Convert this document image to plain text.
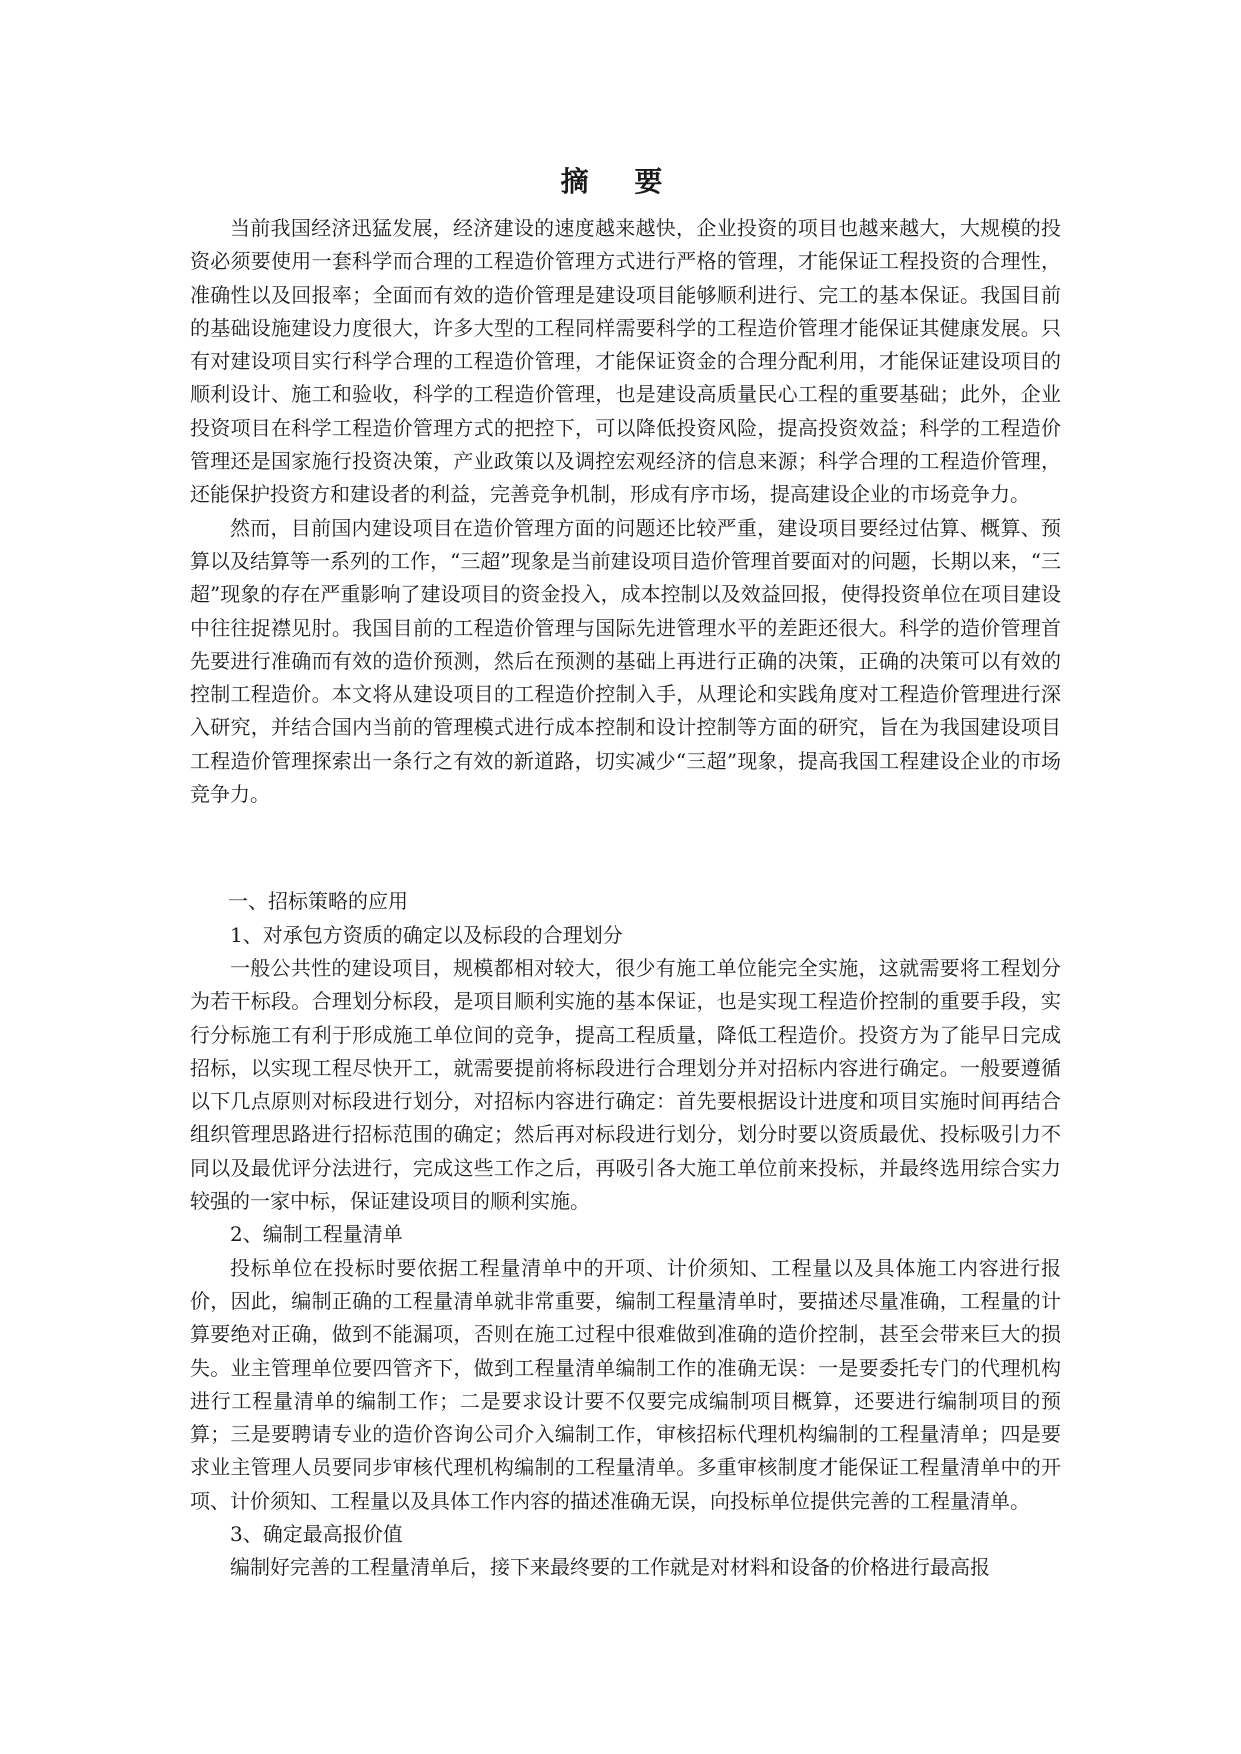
摘 要

当前我国经济迅猛发展，经济建设的速度越来越快，企业投资的项目也越来越大，大规模的投资必须要使用一套科学而合理的工程造价管理方式进行严格的管理，才能保证工程投资的合理性，准确性以及回报率；全面而有效的造价管理是建设项目能够顺利进行、完工的基本保证。我国目前的基础设施建设力度很大，许多大型的工程同样需要科学的工程造价管理才能保证其健康发展。只有对建设项目实行科学合理的工程造价管理，才能保证资金的合理分配利用，才能保证建设项目的顺利设计、施工和验收，科学的工程造价管理，也是建设高质量民心工程的重要基础；此外，企业投资项目在科学工程造价管理方式的把控下，可以降低投资风险，提高投资效益；科学的工程造价管理还是国家施行投资决策，产业政策以及调控宏观经济的信息来源；科学合理的工程造价管理，还能保护投资方和建设者的利益，完善竞争机制，形成有序市场，提高建设企业的市场竞争力。

然而，目前国内建设项目在造价管理方面的问题还比较严重，建设项目要经过估算、概算、预算以及结算等一系列的工作，“三超”现象是当前建设项目造价管理首要面对的问题，长期以来，“三超”现象的存在严重影响了建设项目的资金投入，成本控制以及效益回报，使得投资单位在项目建设中往往捉襟见肘。我国目前的工程造价管理与国际先进管理水平的差距还很大。科学的造价管理首先要进行准确而有效的造价预测，然后在预测的基础上再进行正确的决策，正确的决策可以有效的控制工程造价。本文将从建设项目的工程造价控制入手，从理论和实践角度对工程造价管理进行深入研究，并结合国内当前的管理模式进行成本控制和设计控制等方面的研究，旨在为我国建设项目工程造价管理探索出一条行之有效的新道路，切实减少“三超”现象，提高我国工程建设企业的市场竞争力。

一、招标策略的应用

1、对承包方资质的确定以及标段的合理划分

一般公共性的建设项目，规模都相对较大，很少有施工单位能完全实施，这就需要将工程划分为若干标段。合理划分标段，是项目顺利实施的基本保证，也是实现工程造价控制的重要手段，实行分标施工有利于形成施工单位间的竞争，提高工程质量，降低工程造价。投资方为了能早日完成招标，以实现工程尽快开工，就需要提前将标段进行合理划分并对招标内容进行确定。一般要遵循以下几点原则对标段进行划分，对招标内容进行确定：首先要根据设计进度和项目实施时间再结合组织管理思路进行招标范围的确定；然后再对标段进行划分，划分时要以资质最优、投标吸引力不同以及最优评分法进行，完成这些工作之后，再吸引各大施工单位前来投标，并最终选用综合实力较强的一家中标，保证建设项目的顺利实施。

2、编制工程量清单

投标单位在投标时要依据工程量清单中的开项、计价须知、工程量以及具体施工内容进行报价，因此，编制正确的工程量清单就非常重要，编制工程量清单时，要描述尽量准确，工程量的计算要绝对正确，做到不能漏项，否则在施工过程中很难做到准确的造价控制，甚至会带来巨大的损失。业主管理单位要四管齐下，做到工程量清单编制工作的准确无误：一是要委托专门的代理机构进行工程量清单的编制工作；二是要求设计要不仅要完成编制项目概算，还要进行编制项目的预算；三是要聘请专业的造价咨询公司介入编制工作，审核招标代理机构编制的工程量清单；四是要求业主管理人员要同步审核代理机构编制的工程量清单。多重审核制度才能保证工程量清单中的开项、计价须知、工程量以及具体工作内容的描述准确无误，向投标单位提供完善的工程量清单。

3、确定最高报价值

编制好完善的工程量清单后，接下来最终要的工作就是对材料和设备的价格进行最高报
